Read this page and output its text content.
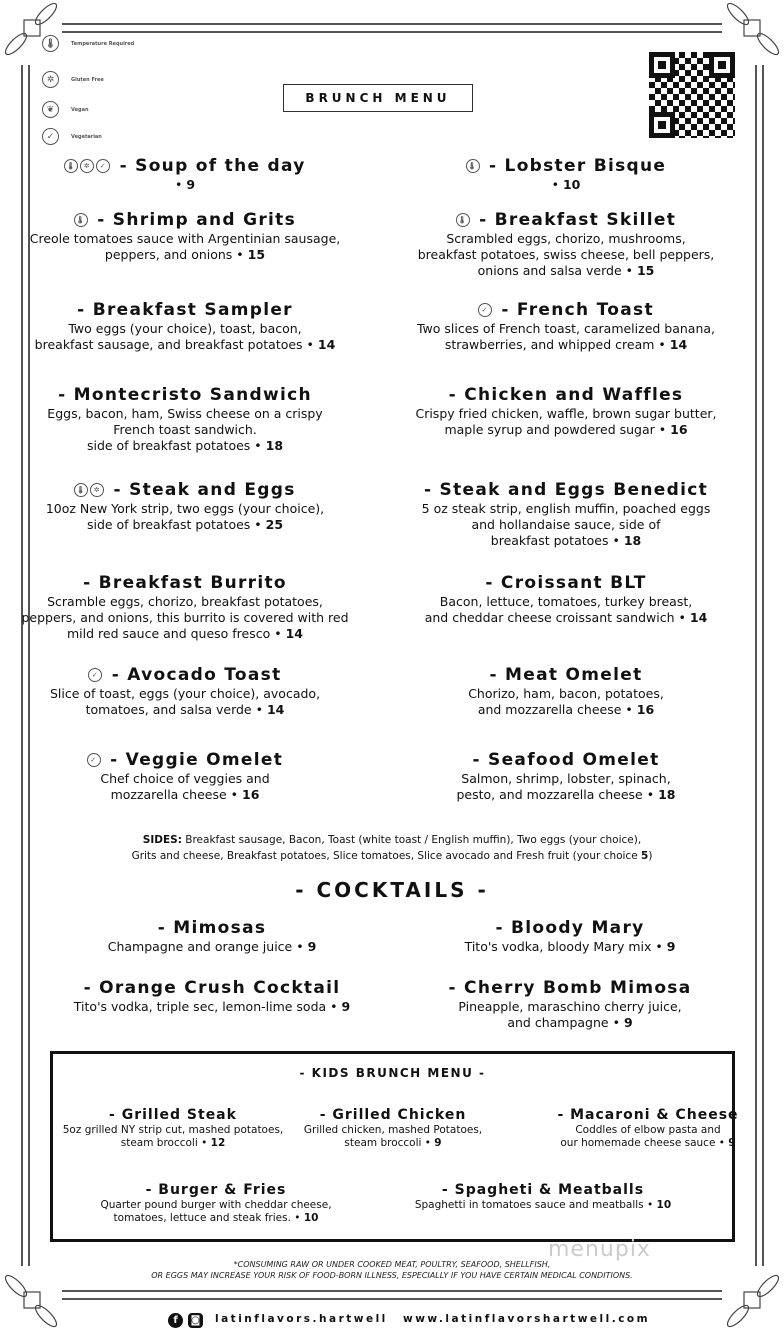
🌡	Temperature Required
✲	Gluten Free
❦	Vegan
✓	Vegetarian
BRUNCH MENU
🌡 ✲ ✓ - Soup of the day

• 9

🌡 - Lobster Bisque

• 10

🌡 - Shrimp and Grits

Creole tomatoes sauce with Argentinian sausage,

peppers, and onions • 15

🌡 - Breakfast Skillet

Scrambled eggs, chorizo, mushrooms,

breakfast potatoes, swiss cheese, bell peppers,

onions and salsa verde • 15

- Breakfast Sampler

Two eggs (your choice), toast, bacon,

breakfast sausage, and breakfast potatoes • 14

✓ - French Toast

Two slices of French toast, caramelized banana,

strawberries, and whipped cream • 14

- Montecristo Sandwich

Eggs, bacon, ham, Swiss cheese on a crispy

French toast sandwich.

side of breakfast potatoes • 18

- Chicken and Waffles

Crispy fried chicken, waffle, brown sugar butter,

maple syrup and powdered sugar • 16

🌡 ✲ - Steak and Eggs

10oz New York strip, two eggs (your choice),

side of breakfast potatoes • 25

- Steak and Eggs Benedict

5 oz steak strip, english muffin, poached eggs

and hollandaise sauce, side of

breakfast potatoes • 18

- Breakfast Burrito

Scramble eggs, chorizo, breakfast potatoes,

peppers, and onions, this burrito is covered with red

mild red sauce and queso fresco • 14

- Croissant BLT

Bacon, lettuce, tomatoes, turkey breast,

and cheddar cheese croissant sandwich • 14

✓ - Avocado Toast

Slice of toast, eggs (your choice), avocado,

tomatoes, and salsa verde • 14

- Meat Omelet

Chorizo, ham, bacon, potatoes,

and mozzarella cheese • 16

✓ - Veggie Omelet

Chef choice of veggies and

mozzarella cheese • 16

- Seafood Omelet

Salmon, shrimp, lobster, spinach,

pesto, and mozzarella cheese • 18

SIDES: Breakfast sausage, Bacon, Toast (white toast / English muffin), Two eggs (your choice),
Grits and cheese, Breakfast potatoes, Slice tomatoes, Slice avocado and Fresh fruit (your choice 5)
- COCKTAILS -
- Mimosas

Champagne and orange juice • 9

- Bloody Mary

Tito's vodka, bloody Mary mix • 9

- Orange Crush Cocktail

Tito's vodka, triple sec, lemon-lime soda • 9

- Cherry Bomb Mimosa

Pineapple, maraschino cherry juice,

and champagne • 9

- KIDS BRUNCH MENU -
- Grilled Steak

5oz grilled NY strip cut, mashed potatoes,

steam broccoli • 12

- Grilled Chicken

Grilled chicken, mashed Potatoes,

steam broccoli • 9

- Macaroni & Cheese

Coddles of elbow pasta and

our homemade cheese sauce • 9

- Burger & Fries

Quarter pound burger with cheddar cheese,

tomatoes, lettuce and steak fries. • 10

- Spagheti & Meatballs

Spaghetti in tomatoes sauce and meatballs • 10

menupix
*CONSUMING RAW OR UNDER COOKED MEAT, POULTRY, SEAFOOD, SHELLFISH,
OR EGGS MAY INCREASE YOUR RISK OF FOOD-BORN ILLNESS, ESPECIALLY IF YOU HAVE CERTAIN MEDICAL CONDITIONS.
f	◙ latinflavors.hartwell www.latinflavorshartwell.com
